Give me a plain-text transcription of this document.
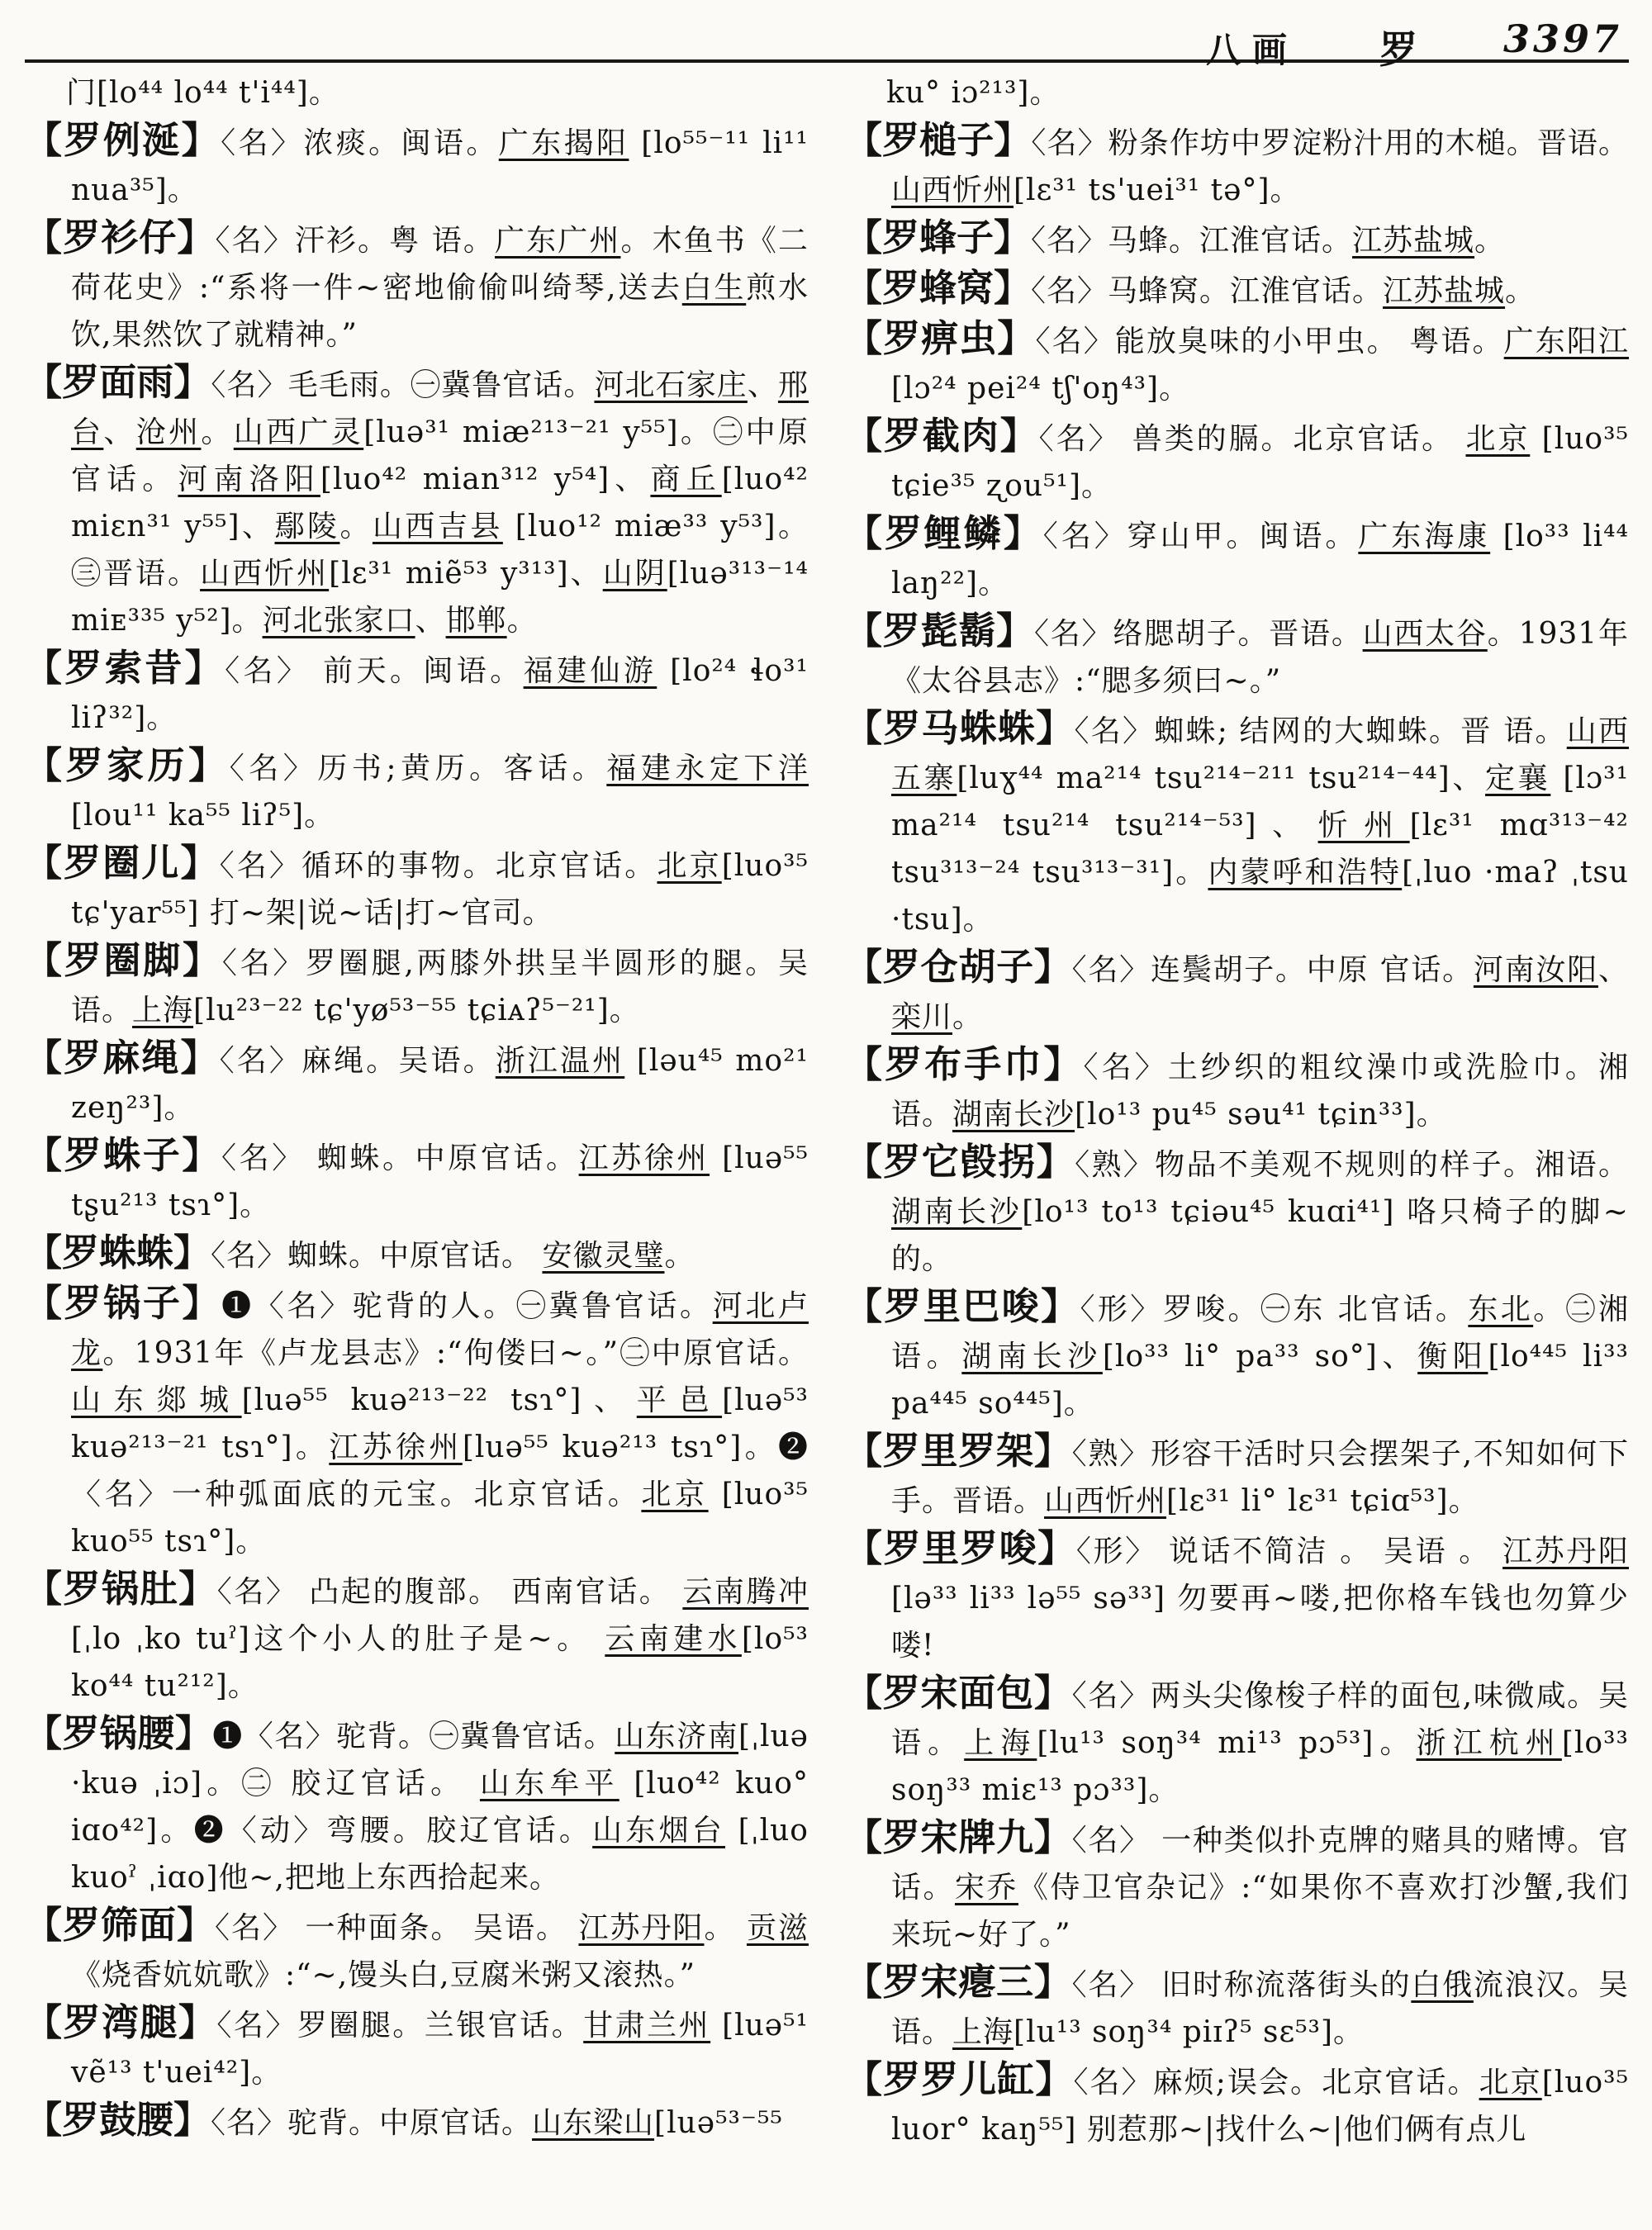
八画 罗 3397
门[lo⁴⁴ lo⁴⁴ t'i⁴⁴]。
【罗例涎】〈名〉浓痰。闽语。广东揭阳 [lo⁵⁵⁻¹¹ li¹¹ nua³⁵]。
【罗衫仔】〈名〉汗衫。粤 语。广东广州。木鱼书《二荷花史》:“系将一件~密地偷偷叫绮琴,送去白生煎水饮,果然饮了就精神。”
【罗面雨】〈名〉毛毛雨。㊀冀鲁官话。河北石家庄、邢台、沧州。山西广灵[luə³¹ miæ²¹³⁻²¹ y⁵⁵]。㊁中原官话。河南洛阳[luo⁴² mian³¹² y⁵⁴]、商丘[luo⁴² miɛn³¹ y⁵⁵]、鄢陵。山西吉县 [luo¹² miæ³³ y⁵³]。㊂晋语。山西忻州[lɛ³¹ miẽ⁵³ y³¹³]、山阴[luə³¹³⁻¹⁴ miᴇ³³⁵ y⁵²]。河北张家口、邯郸。
【罗索昔】〈名〉 前天。闽语。福建仙游 [lo²⁴ ɬo³¹ liʔ³²]。
【罗家历】〈名〉历书;黄历。客话。福建永定下洋[lou¹¹ ka⁵⁵ liʔ⁵]。
【罗圈儿】〈名〉循环的事物。北京官话。北京[luo³⁵ tɕ'yar⁵⁵] 打~架|说~话|打~官司。
【罗圈脚】〈名〉罗圈腿,两膝外拱呈半圆形的腿。吴语。上海[lu²³⁻²² tɕ'yø⁵³⁻⁵⁵ tɕiᴀʔ⁵⁻²¹]。
【罗麻绳】〈名〉麻绳。吴语。浙江温州 [ləu⁴⁵ mo²¹ zeŋ²³]。
【罗蛛子】〈名〉 蜘蛛。中原官话。江苏徐州 [luə⁵⁵ tʂu²¹³ tsɿ°]。
【罗蛛蛛】〈名〉蜘蛛。中原官话。 安徽灵璧。
【罗锅子】❶〈名〉驼背的人。㊀冀鲁官话。河北卢龙。1931年《卢龙县志》:“佝偻曰~。”㊁中原官话。山东郯城[luə⁵⁵ kuə²¹³⁻²² tsɿ°]、平邑[luə⁵³ kuə²¹³⁻²¹ tsɿ°]。江苏徐州[luə⁵⁵ kuə²¹³ tsɿ°]。❷〈名〉一种弧面底的元宝。北京官话。北京 [luo³⁵ kuo⁵⁵ tsɿ°]。
【罗锅肚】〈名〉 凸起的腹部。 西南官话。 云南腾冲 [ˌlo ˌko tuˀ]这个小人的肚子是~。 云南建水[lo⁵³ ko⁴⁴ tu²¹²]。
【罗锅腰】❶〈名〉驼背。㊀冀鲁官话。山东济南[ˌluə ·kuə ˌiɔ]。㊁ 胶辽官话。 山东牟平 [luo⁴² kuo° iɑo⁴²]。❷〈动〉弯腰。胶辽官话。山东烟台 [ˌluo kuoˀ ˌiɑo]他~,把地上东西拾起来。
【罗筛面】〈名〉 一种面条。 吴语。 江苏丹阳。 贡滋《烧香妔妔歌》:“~,馒头白,豆腐米粥又滚热。”
【罗湾腿】〈名〉罗圈腿。兰银官话。甘肃兰州 [luə⁵¹ vẽ¹³ t'uei⁴²]。
【罗鼓腰】〈名〉驼背。中原官话。山东梁山[luə⁵³⁻⁵⁵
ku° iɔ²¹³]。
【罗槌子】〈名〉粉条作坊中罗淀粉汁用的木槌。晋语。山西忻州[lɛ³¹ ts'uei³¹ tə°]。
【罗蜂子】〈名〉马蜂。江淮官话。江苏盐城。
【罗蜂窝】〈名〉马蜂窝。江淮官话。江苏盐城。
【罗痹虫】〈名〉能放臭味的小甲虫。 粤语。广东阳江 [lɔ²⁴ pei²⁴ tʃ'oŋ⁴³]。
【罗截肉】〈名〉 兽类的膈。北京官话。 北京 [luo³⁵ tɕie³⁵ ʐou⁵¹]。
【罗鲤鳞】〈名〉穿山甲。闽语。广东海康 [lo³³ li⁴⁴ laŋ²²]。
【罗髭鬍】〈名〉络腮胡子。晋语。山西太谷。1931年《太谷县志》:“腮多须曰~。”
【罗马蛛蛛】〈名〉蜘蛛; 结网的大蜘蛛。晋 语。山西五寨[luɣ⁴⁴ ma²¹⁴ tsu²¹⁴⁻²¹¹ tsu²¹⁴⁻⁴⁴]、定襄 [lɔ³¹ ma²¹⁴ tsu²¹⁴ tsu²¹⁴⁻⁵³]、忻州[lɛ³¹ mɑ³¹³⁻⁴² tsu³¹³⁻²⁴ tsu³¹³⁻³¹]。内蒙呼和浩特[ˌluo ·maʔ ˌtsu ·tsu]。
【罗仓胡子】〈名〉连鬓胡子。中原 官话。河南汝阳、栾川。
【罗布手巾】〈名〉土纱织的粗纹澡巾或洗脸巾。湘语。湖南长沙[lo¹³ pu⁴⁵ səu⁴¹ tɕin³³]。
【罗它㲃拐】〈熟〉物品不美观不规则的样子。湘语。湖南长沙[lo¹³ to¹³ tɕiəu⁴⁵ kuɑi⁴¹] 咯只椅子的脚~的。
【罗里巴唆】〈形〉罗唆。㊀东 北官话。东北。㊁湘语。湖南长沙[lo³³ li° pa³³ so°]、衡阳[lo⁴⁴⁵ li³³ pa⁴⁴⁵ so⁴⁴⁵]。
【罗里罗架】〈熟〉形容干活时只会摆架子,不知如何下手。晋语。山西忻州[lɛ³¹ li° lɛ³¹ tɕiɑ⁵³]。
【罗里罗唆】〈形〉 说话不简洁 。 吴语 。 江苏丹阳 [lə³³ li³³ lə⁵⁵ sə³³] 勿要再~喽,把你格车钱也勿算少喽!
【罗宋面包】〈名〉两头尖像梭子样的面包,味微咸。吴语。上海[lu¹³ soŋ³⁴ mi¹³ pɔ⁵³]。浙江杭州[lo³³ soŋ³³ miɛ¹³ pɔ³³]。
【罗宋牌九】〈名〉 一种类似扑克牌的赌具的赌博。官话。宋乔《侍卫官杂记》:“如果你不喜欢打沙蟹,我们来玩~好了。”
【罗宋瘪三】〈名〉 旧时称流落街头的白俄流浪汉。吴语。上海[lu¹³ soŋ³⁴ piɪʔ⁵ sɛ⁵³]。
【罗罗儿缸】〈名〉麻烦;误会。北京官话。北京[luo³⁵ luor° kaŋ⁵⁵] 别惹那~|找什么~|他们俩有点儿
